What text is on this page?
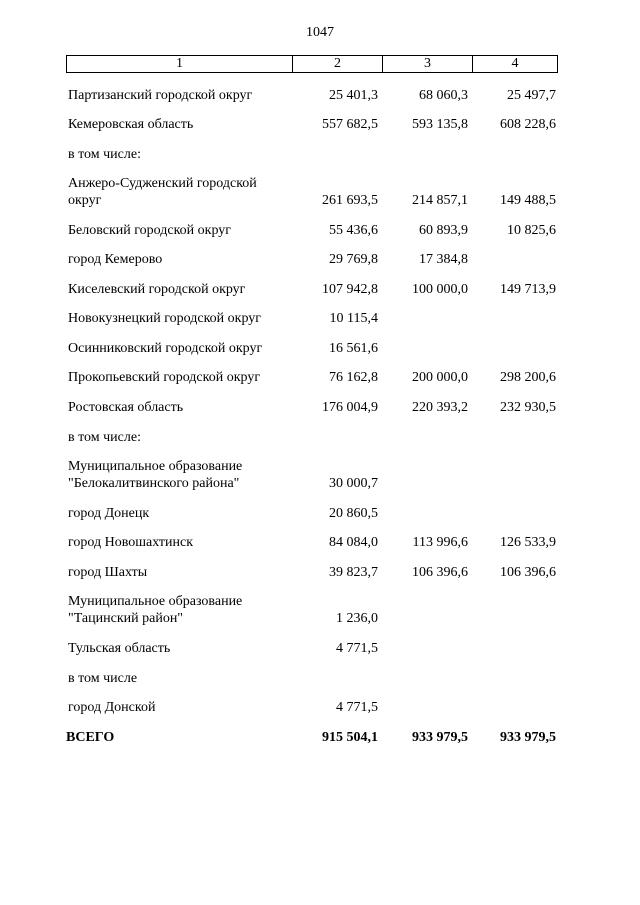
1047
1	2	3	4
Партизанский городской округ	25 401,3	68 060,3	25 497,7
Кемеровская область	557 682,5	593 135,8	608 228,6
в том числе:
Анжеро-Судженский городской
округ	261 693,5	214 857,1	149 488,5
Беловский городской округ	55 436,6	60 893,9	10 825,6
город Кемерово	29 769,8	17 384,8
Киселевский городской округ	107 942,8	100 000,0	149 713,9
Новокузнецкий городской округ	10 115,4
Осинниковский городской округ	16 561,6
Прокопьевский городской округ	76 162,8	200 000,0	298 200,6
Ростовская область	176 004,9	220 393,2	232 930,5
в том числе:
Муниципальное образование
"Белокалитвинского района"	30 000,7
город Донецк	20 860,5
город Новошахтинск	84 084,0	113 996,6	126 533,9
город Шахты	39 823,7	106 396,6	106 396,6
Муниципальное образование
"Тацинский район"	1 236,0
Тульская область	4 771,5
в том числе
город Донской	4 771,5
ВСЕГО	915 504,1	933 979,5	933 979,5
